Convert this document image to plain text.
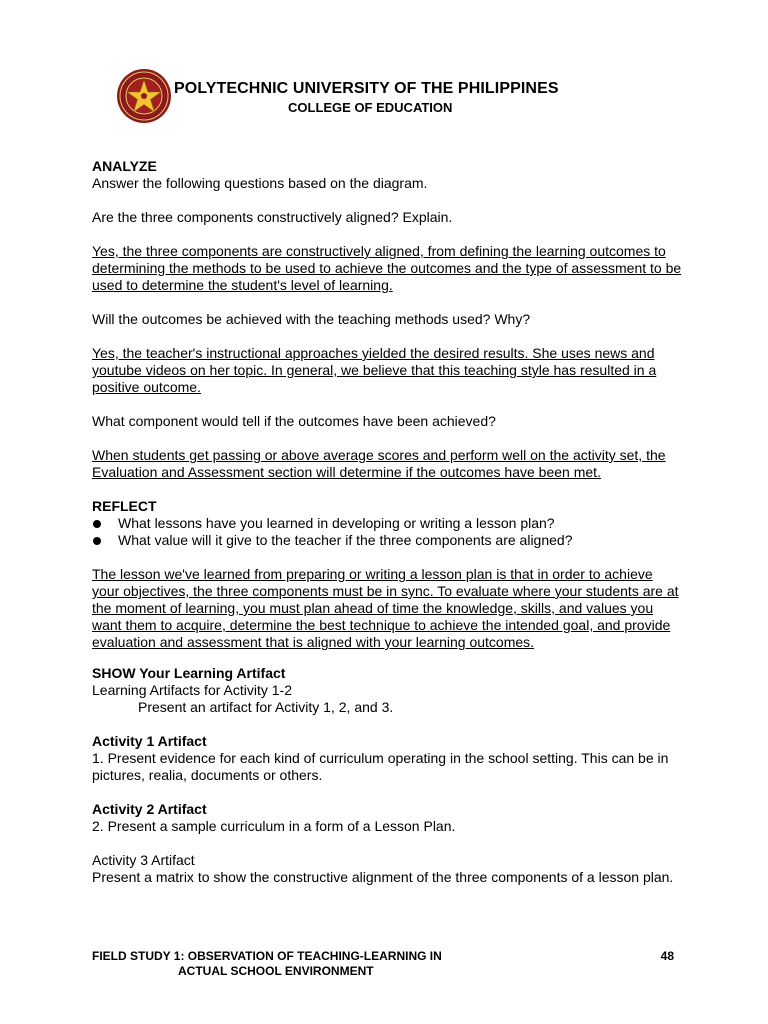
POLYTECHNIC UNIVERSITY OF THE PHILIPPINES
COLLEGE OF EDUCATION

ANALYZE

Answer the following questions based on the diagram.

Are the three components constructively aligned? Explain.

Yes, the three components are constructively aligned, from defining the learning outcomes to determining the methods to be used to achieve the outcomes and the type of assessment to be used to determine the student's level of learning.

Will the outcomes be achieved with the teaching methods used? Why?

Yes, the teacher's instructional approaches yielded the desired results. She uses news and youtube videos on her topic. In general, we believe that this teaching style has resulted in a positive outcome.

What component would tell if the outcomes have been achieved?

When students get passing or above average scores and perform well on the activity set, the Evaluation and Assessment section will determine if the outcomes have been met.

REFLECT

What lessons have you learned in developing or writing a lesson plan?
What value will it give to the teacher if the three components are aligned?

The lesson we've learned from preparing or writing a lesson plan is that in order to achieve your objectives, the three components must be in sync. To evaluate where your students are at the moment of learning, you must plan ahead of time the knowledge, skills, and values you want them to acquire, determine the best technique to achieve the intended goal, and provide evaluation and assessment that is aligned with your learning outcomes.

SHOW Your Learning Artifact

Learning Artifacts for Activity 1-2

Present an artifact for Activity 1, 2, and 3.

Activity 1 Artifact

1. Present evidence for each kind of curriculum operating in the school setting. This can be in pictures, realia, documents or others.

Activity 2 Artifact

2. Present a sample curriculum in a form of a Lesson Plan.

Activity 3 Artifact

Present a matrix to show the constructive alignment of the three components of a lesson plan.

FIELD STUDY 1: OBSERVATION OF TEACHING-LEARNING IN
ACTUAL SCHOOL ENVIRONMENT
48
